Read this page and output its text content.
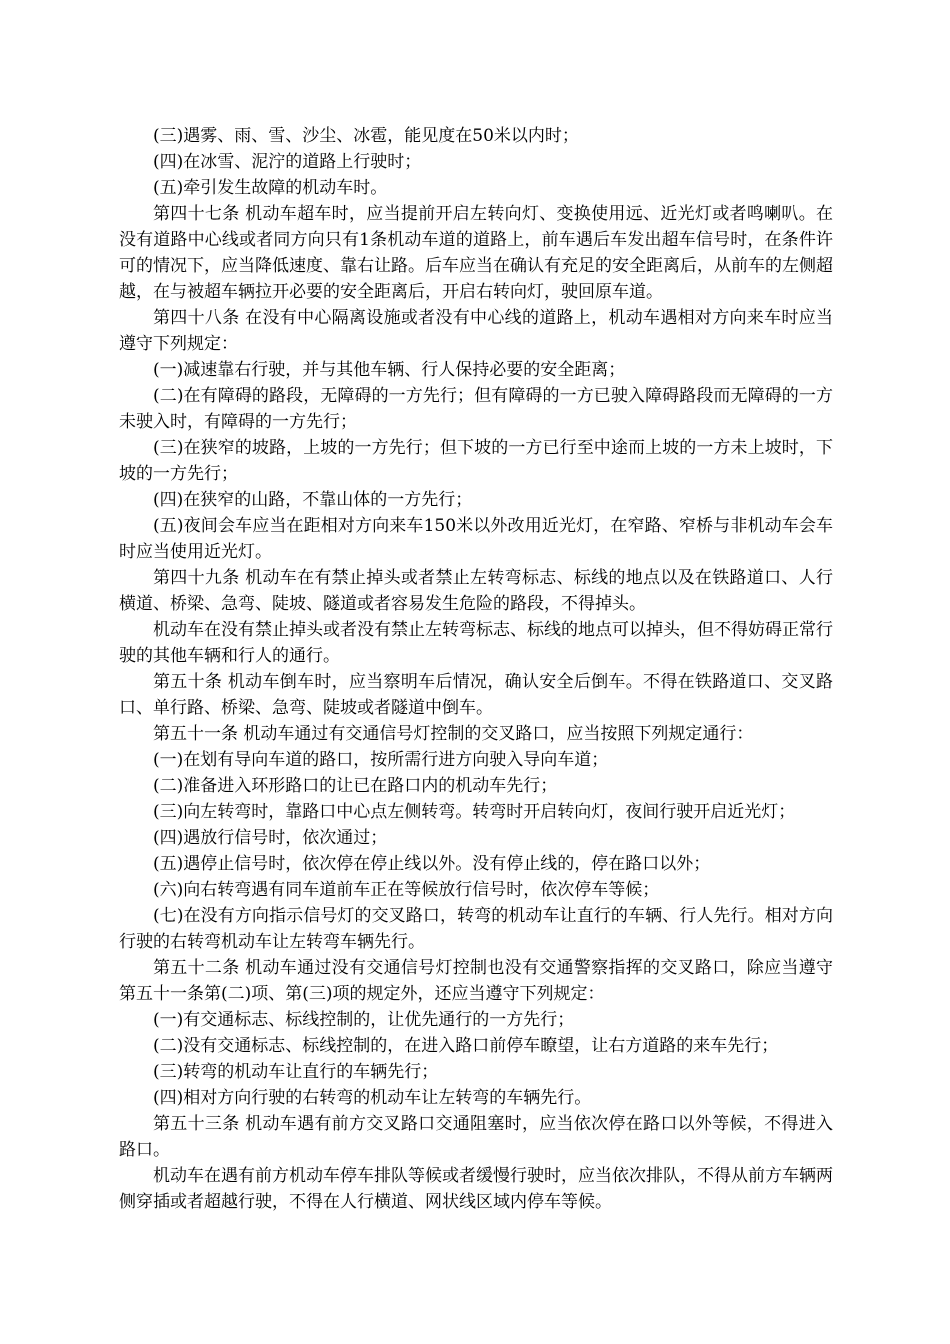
(三)遇雾、雨、雪、沙尘、冰雹，能见度在50米以内时；

(四)在冰雪、泥泞的道路上行驶时；

(五)牵引发生故障的机动车时。

第四十七条 机动车超车时，应当提前开启左转向灯、变换使用远、近光灯或者鸣喇叭。在没有道路中心线或者同方向只有1条机动车道的道路上，前车遇后车发出超车信号时，在条件许可的情况下，应当降低速度、靠右让路。后车应当在确认有充足的安全距离后，从前车的左侧超越，在与被超车辆拉开必要的安全距离后，开启右转向灯，驶回原车道。

第四十八条 在没有中心隔离设施或者没有中心线的道路上，机动车遇相对方向来车时应当遵守下列规定：

(一)减速靠右行驶，并与其他车辆、行人保持必要的安全距离；

(二)在有障碍的路段，无障碍的一方先行；但有障碍的一方已驶入障碍路段而无障碍的一方未驶入时，有障碍的一方先行；

(三)在狭窄的坡路，上坡的一方先行；但下坡的一方已行至中途而上坡的一方未上坡时，下坡的一方先行；

(四)在狭窄的山路，不靠山体的一方先行；

(五)夜间会车应当在距相对方向来车150米以外改用近光灯，在窄路、窄桥与非机动车会车时应当使用近光灯。

第四十九条 机动车在有禁止掉头或者禁止左转弯标志、标线的地点以及在铁路道口、人行横道、桥梁、急弯、陡坡、隧道或者容易发生危险的路段，不得掉头。

机动车在没有禁止掉头或者没有禁止左转弯标志、标线的地点可以掉头，但不得妨碍正常行驶的其他车辆和行人的通行。

第五十条 机动车倒车时，应当察明车后情况，确认安全后倒车。不得在铁路道口、交叉路口、单行路、桥梁、急弯、陡坡或者隧道中倒车。

第五十一条 机动车通过有交通信号灯控制的交叉路口，应当按照下列规定通行：

(一)在划有导向车道的路口，按所需行进方向驶入导向车道；

(二)准备进入环形路口的让已在路口内的机动车先行；

(三)向左转弯时，靠路口中心点左侧转弯。转弯时开启转向灯，夜间行驶开启近光灯；

(四)遇放行信号时，依次通过；

(五)遇停止信号时，依次停在停止线以外。没有停止线的，停在路口以外；

(六)向右转弯遇有同车道前车正在等候放行信号时，依次停车等候；

(七)在没有方向指示信号灯的交叉路口，转弯的机动车让直行的车辆、行人先行。相对方向行驶的右转弯机动车让左转弯车辆先行。

第五十二条 机动车通过没有交通信号灯控制也没有交通警察指挥的交叉路口，除应当遵守第五十一条第(二)项、第(三)项的规定外，还应当遵守下列规定：

(一)有交通标志、标线控制的，让优先通行的一方先行；

(二)没有交通标志、标线控制的，在进入路口前停车瞭望，让右方道路的来车先行；

(三)转弯的机动车让直行的车辆先行；

(四)相对方向行驶的右转弯的机动车让左转弯的车辆先行。

第五十三条 机动车遇有前方交叉路口交通阻塞时，应当依次停在路口以外等候，不得进入路口。

机动车在遇有前方机动车停车排队等候或者缓慢行驶时，应当依次排队，不得从前方车辆两侧穿插或者超越行驶，不得在人行横道、网状线区域内停车等候。
